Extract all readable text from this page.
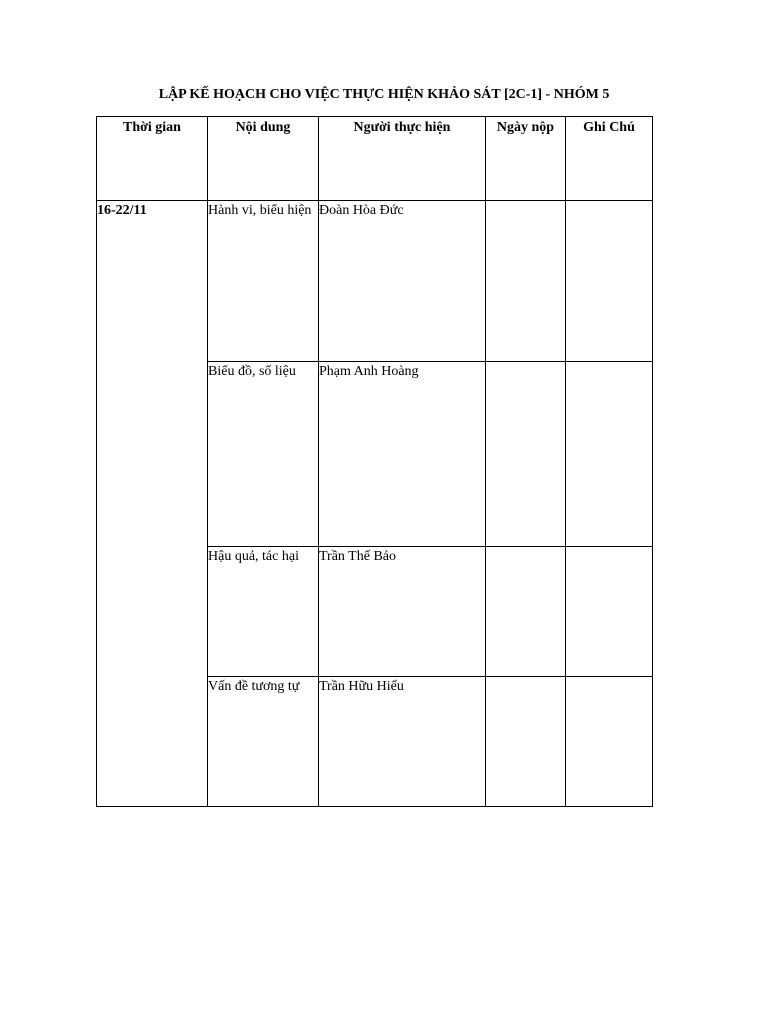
LẬP KẾ HOẠCH CHO VIỆC THỰC HIỆN KHẢO SÁT [2C-1] - NHÓM 5
Thời gian	Nội dung	Người thực hiện	Ngày nộp	Ghi Chú
16-22/11	Hành vi, biểu hiện	Đoàn Hòa Đức		
	Biểu đồ, số liệu	Phạm Anh Hoàng		
	Hậu quả, tác hại	Trần Thế Bảo		
	Vấn đề tương tự	Trần Hữu Hiếu		
